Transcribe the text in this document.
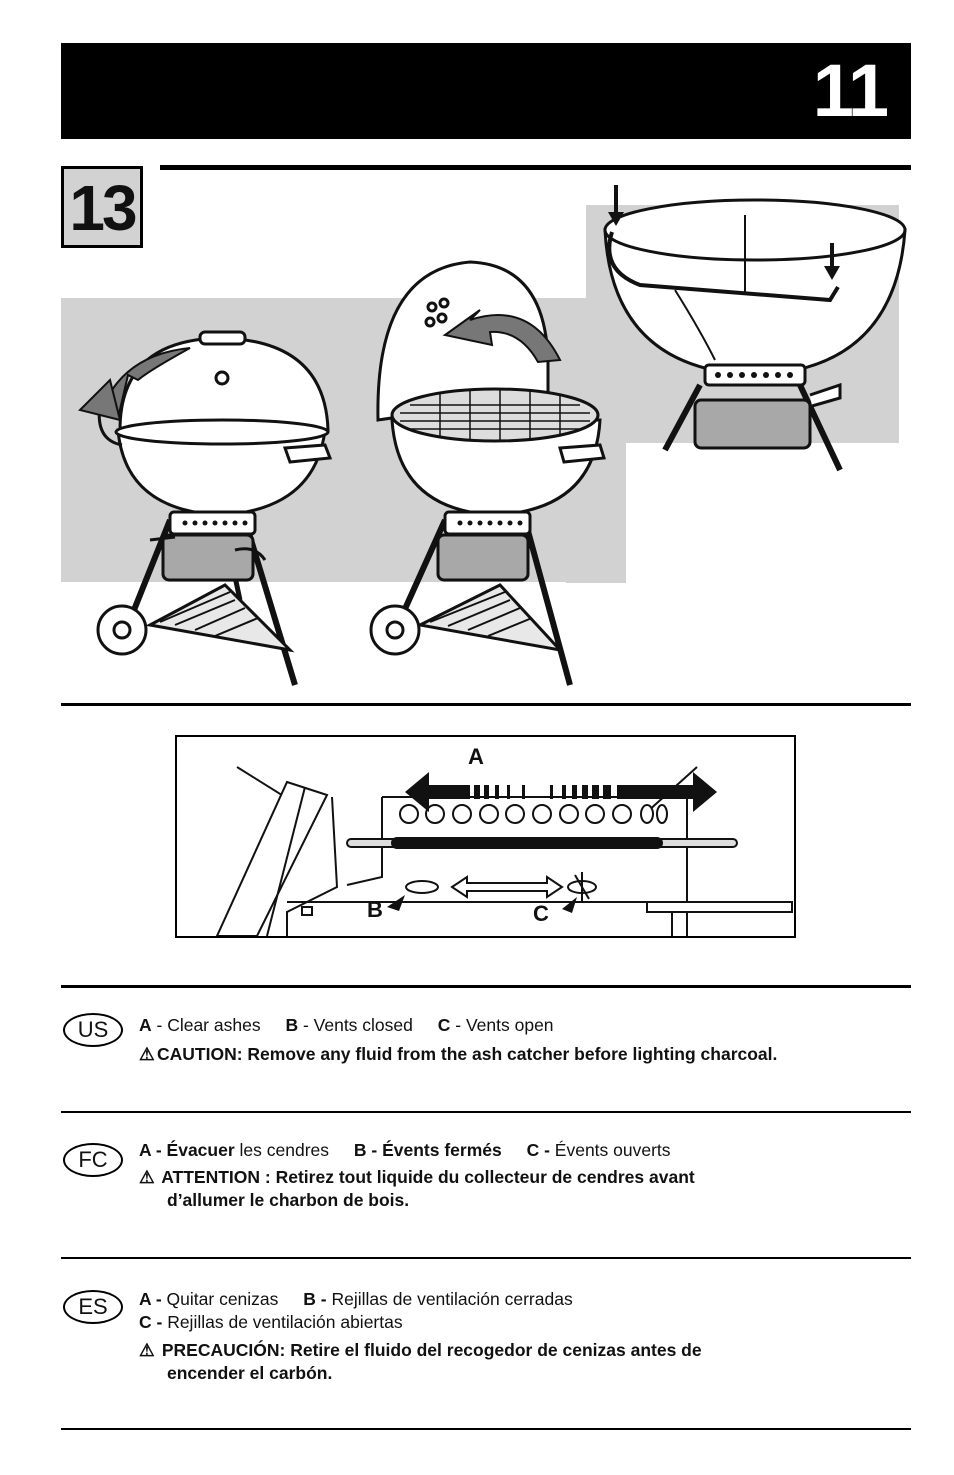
11
13
A
B	C
US	A - Clear ashes B - Vents closed C - Vents open
⚠ CAUTION: Remove any fluid from the ash catcher before lighting charcoal.
FC	A - Évacuer les cendres B - Évents fermés C - Évents ouverts
⚠ ATTENTION : Retirez tout liquide du collecteur de cendres avant
d’allumer le charbon de bois.
ES	A - Quitar cenizas B - Rejillas de ventilación cerradas
C - Rejillas de ventilación abiertas
⚠ PRECAUCIÓN: Retire el fluido del recogedor de cenizas antes de
encender el carbón.
